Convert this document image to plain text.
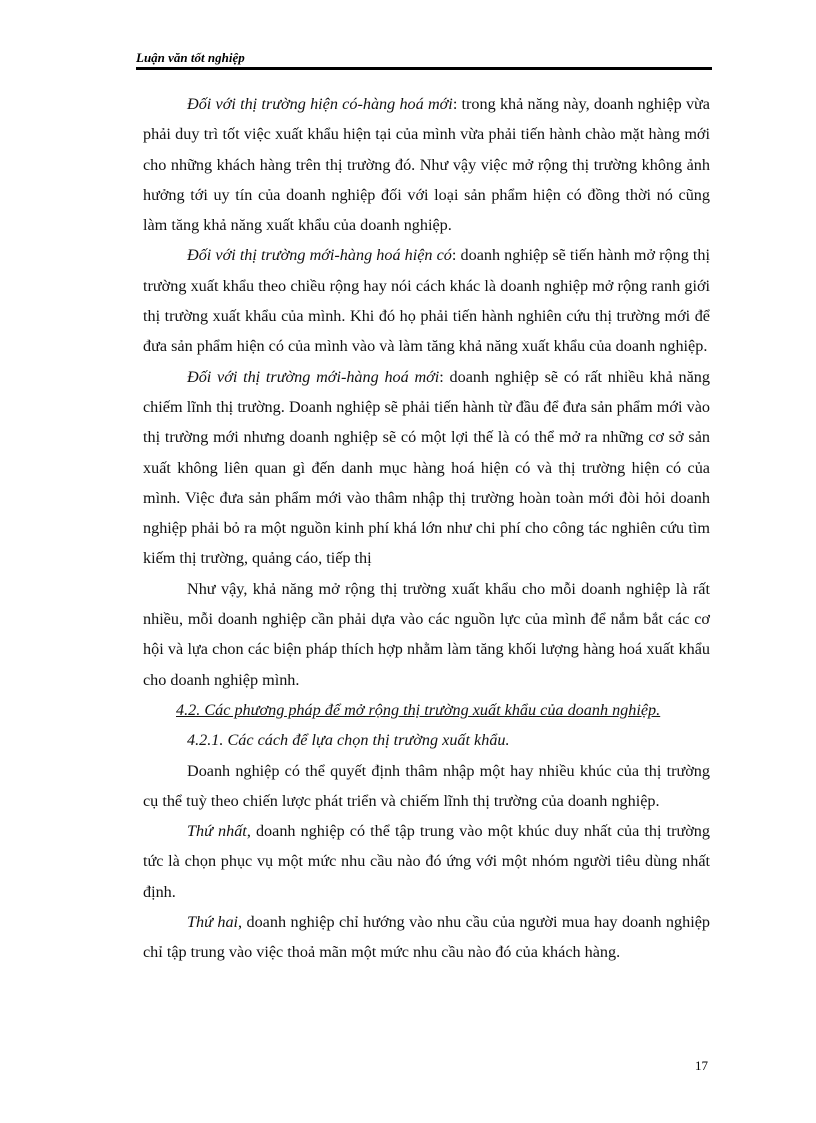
Luận văn tốt nghiệp

Đối với thị trường hiện có-hàng hoá mới: trong khả năng này, doanh nghiệp vừa phải duy trì tốt việc xuất khẩu hiện tại của mình vừa phải tiến hành chào mặt hàng mới cho những khách hàng trên thị trường đó. Như vậy việc mở rộng thị trường không ảnh hưởng tới uy tín của doanh nghiệp đối với loại sản phẩm hiện có đồng thời nó cũng làm tăng khả năng xuất khẩu của doanh nghiệp.

Đối với thị trường mới-hàng hoá hiện có: doanh nghiệp sẽ tiến hành mở rộng thị trường xuất khẩu theo chiều rộng hay nói cách khác là doanh nghiệp mở rộng ranh giới thị trường xuất khẩu của mình. Khi đó họ phải tiến hành nghiên cứu thị trường mới để đưa sản phẩm hiện có của mình vào và làm tăng khả năng xuất khẩu của doanh nghiệp.

Đối với thị trường mới-hàng hoá mới: doanh nghiệp sẽ có rất nhiều khả năng chiếm lĩnh thị trường. Doanh nghiệp sẽ phải tiến hành từ đầu để đưa sản phẩm mới vào thị trường mới nhưng doanh nghiệp sẽ có một lợi thế là có thể mở ra những cơ sở sản xuất không liên quan gì đến danh mục hàng hoá hiện có và thị trường hiện có của mình. Việc đưa sản phẩm mới vào thâm nhập thị trường hoàn toàn mới đòi hỏi doanh nghiệp phải bỏ ra một nguồn kinh phí khá lớn như chi phí cho công tác nghiên cứu tìm kiếm thị trường, quảng cáo, tiếp thị

Như vậy, khả năng mở rộng thị trường xuất khẩu cho mỗi doanh nghiệp là rất nhiều, mỗi doanh nghiệp cần phải dựa vào các nguồn lực của mình để nắm bắt các cơ hội và lựa chon các biện pháp thích hợp nhằm làm tăng khối lượng hàng hoá xuất khẩu cho doanh nghiệp mình.

4.2. Các phương pháp để mở rộng thị trường xuất khẩu của doanh nghiệp.

4.2.1. Các cách để lựa chọn thị trường xuất khẩu.

Doanh nghiệp có thể quyết định thâm nhập một hay nhiều khúc của thị trường cụ thể tuỳ theo chiến lược phát triển và chiếm lĩnh thị trường của doanh nghiệp.

Thứ nhất, doanh nghiệp có thể tập trung vào một khúc duy nhất của thị trường tức là chọn phục vụ một mức nhu cầu nào đó ứng với một nhóm người tiêu dùng nhất định.

Thứ hai, doanh nghiệp chỉ hướng vào nhu cầu của người mua hay doanh nghiệp chỉ tập trung vào việc thoả mãn một mức nhu cầu nào đó của khách hàng.

17
